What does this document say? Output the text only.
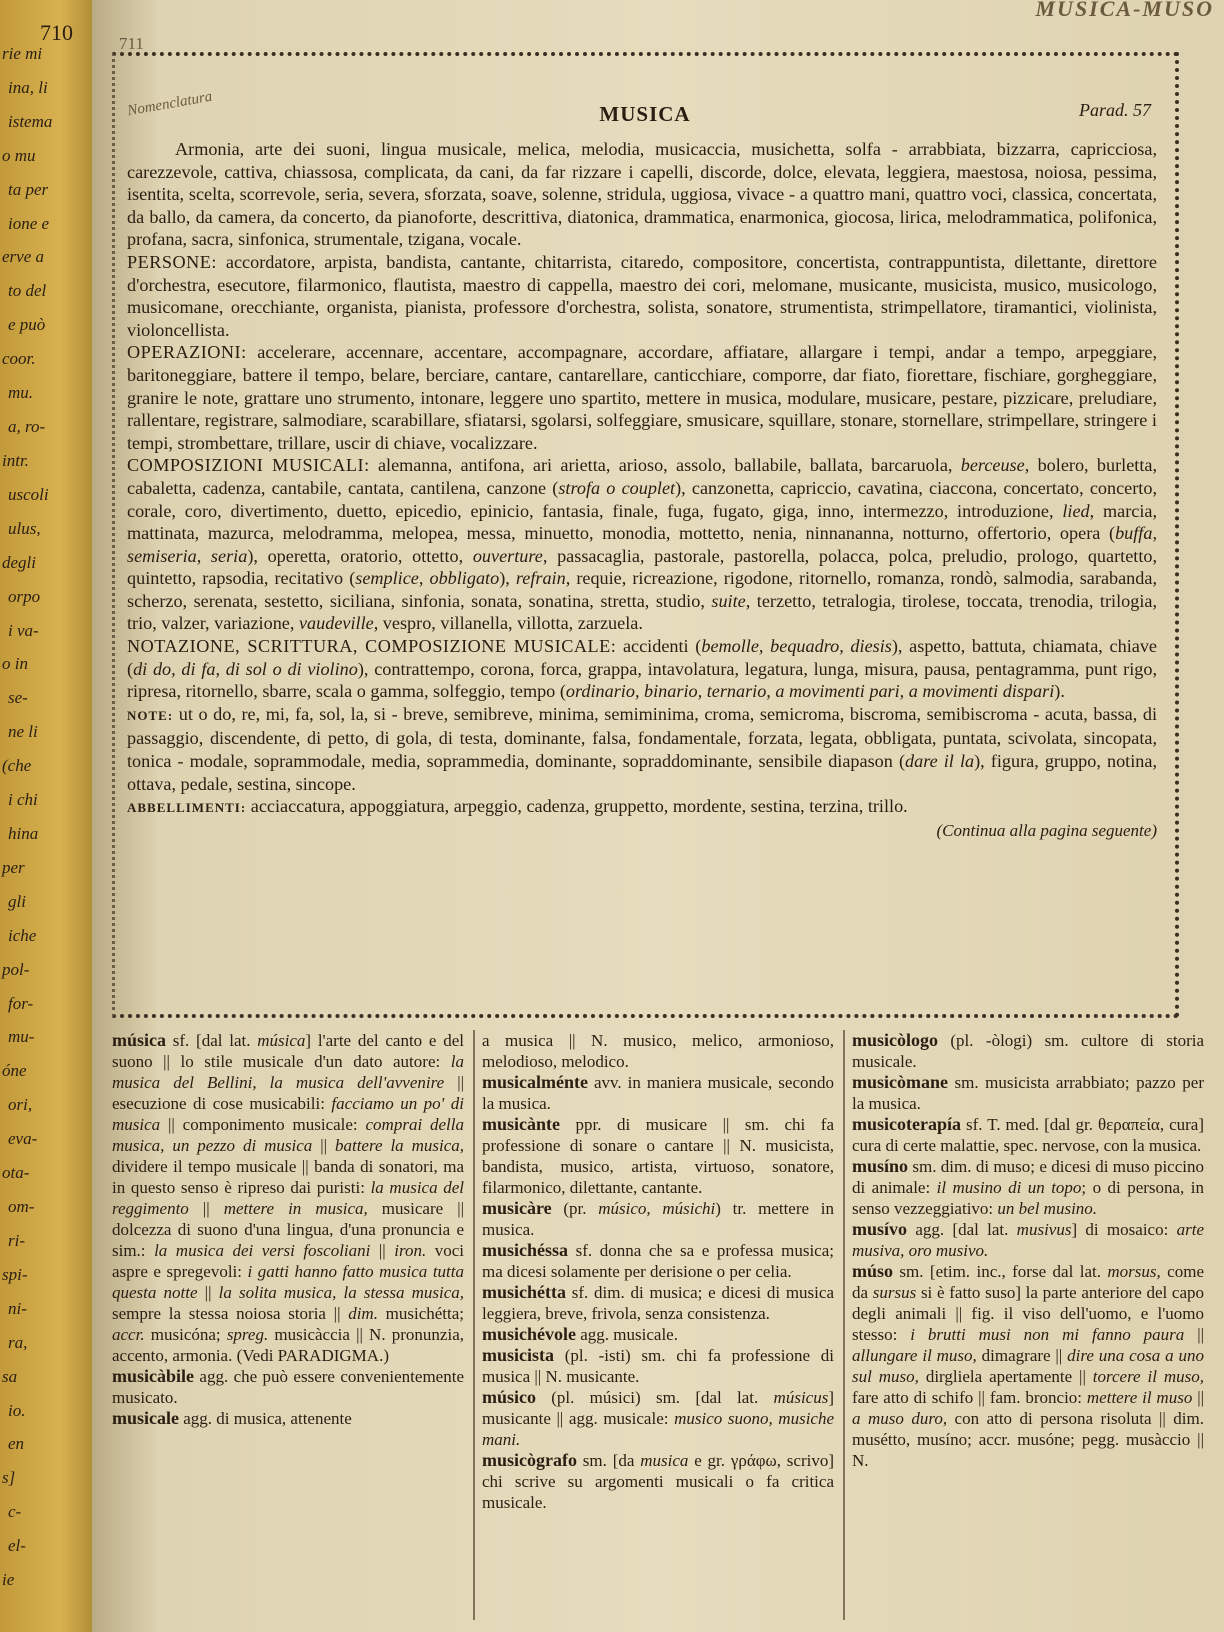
710
rie mi
ina, li
istema
o mu
ta per
ione e
erve a
to del
e può
coor.
mu.
a, ro-
intr.
uscoli
ulus,
degli
orpo
i va-
o in
se-
ne li
(che
i chi
hina
per
gli
iche
pol-
for-
mu-
óne
ori,
eva-
ota-
om-
ri-
spi-
ni-
ra,
sa
io.
en
s]
c-
el-
ie
MUSICA-MUSO
Nomenclatura	MUSICA	Parad. 57
711

Armonia, arte dei suoni, lingua musicale, melica, melodia, musicaccia, musichetta, solfa - arrabbiata, bizzarra, capricciosa, carezzevole, cattiva, chiassosa, complicata, da cani, da far rizzare i capelli, discorde, dolce, elevata, leggiera, maestosa, noiosa, pessima, isentita, scelta, scorrevole, seria, severa, sforzata, soave, solenne, stridula, uggiosa, vivace - a quattro mani, quattro voci, classica, concertata, da ballo, da camera, da concerto, da pianoforte, descrittiva, diatonica, drammatica, enarmonica, giocosa, lirica, melodrammatica, polifonica, profana, sacra, sinfonica, strumentale, tzigana, vocale.

PERSONE: accordatore, arpista, bandista, cantante, chitarrista, citaredo, compositore, concertista, contrappuntista, dilettante, direttore d'orchestra, esecutore, filarmonico, flautista, maestro di cappella, maestro dei cori, melomane, musicante, musicista, musico, musicologo, musicomane, orecchiante, organista, pianista, professore d'orchestra, solista, sonatore, strumentista, strimpellatore, tiramantici, violinista, violoncellista.

OPERAZIONI: accelerare, accennare, accentare, accompagnare, accordare, affiatare, allargare i tempi, andar a tempo, arpeggiare, baritoneggiare, battere il tempo, belare, berciare, cantare, cantarellare, canticchiare, comporre, dar fiato, fiorettare, fischiare, gorgheggiare, granire le note, grattare uno strumento, intonare, leggere uno spartito, mettere in musica, modulare, musicare, pestare, pizzicare, preludiare, rallentare, registrare, salmodiare, scarabillare, sfiatarsi, sgolarsi, solfeggiare, smusicare, squillare, stonare, stornellare, strimpellare, stringere i tempi, strombettare, trillare, uscir di chiave, vocalizzare.

COMPOSIZIONI MUSICALI: alemanna, antifona, ari arietta, arioso, assolo, ballabile, ballata, barcaruola, berceuse, bolero, burletta, cabaletta, cadenza, cantabile, cantata, cantilena, canzone (strofa o couplet), canzonetta, capriccio, cavatina, ciaccona, concertato, concerto, corale, coro, divertimento, duetto, epicedio, epinicio, fantasia, finale, fuga, fugato, giga, inno, intermezzo, introduzione, lied, marcia, mattinata, mazurca, melodramma, melopea, messa, minuetto, monodia, mottetto, nenia, ninnananna, notturno, offertorio, opera (buffa, semiseria, seria), operetta, oratorio, ottetto, ouverture, passacaglia, pastorale, pastorella, polacca, polca, preludio, prologo, quartetto, quintetto, rapsodia, recitativo (semplice, obbligato), refrain, requie, ricreazione, rigodone, ritornello, romanza, rondò, salmodia, sarabanda, scherzo, serenata, sestetto, siciliana, sinfonia, sonata, sonatina, stretta, studio, suite, terzetto, tetralogia, tirolese, toccata, trenodia, trilogia, trio, valzer, variazione, vaudeville, vespro, villanella, villotta, zarzuela.

NOTAZIONE, SCRITTURA, COMPOSIZIONE MUSICALE: accidenti (bemolle, bequadro, diesis), aspetto, battuta, chiamata, chiave (di do, di fa, di sol o di violino), contrattempo, corona, forca, grappa, intavolatura, legatura, lunga, misura, pausa, pentagramma, punt rigo, ripresa, ritornello, sbarre, scala o gamma, solfeggio, tempo (ordinario, binario, ternario, a movimenti pari, a movimenti dispari).

NOTE: ut o do, re, mi, fa, sol, la, si - breve, semibreve, minima, semiminima, croma, semicroma, biscroma, semibiscroma - acuta, bassa, di passaggio, discendente, di petto, di gola, di testa, dominante, falsa, fondamentale, forzata, legata, obbligata, puntata, scivolata, sincopata, tonica - modale, soprammodale, media, soprammedia, dominante, sopraddominante, sensibile diapason (dare il la), figura, gruppo, notina, ottava, pedale, sestina, sincope.

ABBELLIMENTI: acciaccatura, appoggiatura, arpeggio, cadenza, gruppetto, mordente, sestina, terzina, trillo.

(Continua alla pagina seguente)

música sf. [dal lat. música] l'arte del canto e del suono || lo stile musicale d'un dato autore: la musica del Bellini, la musica dell'avvenire || esecuzione di cose musicabili: facciamo un po' di musica || componimento musicale: comprai della musica, un pezzo di musica || battere la musica, dividere il tempo musicale || banda di sonatori, ma in questo senso è ripreso dai puristi: la musica del reggimento || mettere in musica, musicare || dolcezza di suono d'una lingua, d'una pronuncia e sim.: la musica dei versi foscoliani || iron. voci aspre e spregevoli: i gatti hanno fatto musica tutta questa notte || la solita musica, la stessa musica, sempre la stessa noiosa storia || dim. musichétta; accr. musicóna; spreg. musicàccia || N. pronunzia, accento, armonia. (Vedi PARADIGMA.)

musicàbile agg. che può essere convenientemente musicato.

musicale agg. di musica, attenente

a musica || N. musico, melico, armonioso, melodioso, melodico.

musicalménte avv. in maniera musicale, secondo la musica.

musicànte ppr. di musicare || sm. chi fa professione di sonare o cantare || N. musicista, bandista, musico, artista, virtuoso, sonatore, filarmonico, dilettante, cantante.

musicàre (pr. músico, músichi) tr. mettere in musica.

musichéssa sf. donna che sa e professa musica; ma dicesi solamente per derisione o per celia.

musichétta sf. dim. di musica; e dicesi di musica leggiera, breve, frivola, senza consistenza.

musichévole agg. musicale.

musicista (pl. -isti) sm. chi fa professione di musica || N. musicante.

músico (pl. músici) sm. [dal lat. músicus] musicante || agg. musicale: musico suono, musiche mani.

musicògrafo sm. [da musica e gr. γράφω, scrivo] chi scrive su argomenti musicali o fa critica musicale.

musicòlogo (pl. -òlogi) sm. cultore di storia musicale.

musicòmane sm. musicista arrabbiato; pazzo per la musica.

musicoterapía sf. T. med. [dal gr. θεραπεία, cura] cura di certe malattie, spec. nervose, con la musica.

musíno sm. dim. di muso; e dicesi di muso piccino di animale: il musino di un topo; o di persona, in senso vezzeggiativo: un bel musino.

musívo agg. [dal lat. musivus] di mosaico: arte musiva, oro musivo.

múso sm. [etim. inc., forse dal lat. morsus, come da sursus si è fatto suso] la parte anteriore del capo degli animali || fig. il viso dell'uomo, e l'uomo stesso: i brutti musi non mi fanno paura || allungare il muso, dimagrare || dire una cosa a uno sul muso, dirgliela apertamente || torcere il muso, fare atto di schifo || fam. broncio: mettere il muso || a muso duro, con atto di persona risoluta || dim. musétto, musíno; accr. musóne; pegg. musàccio || N.
